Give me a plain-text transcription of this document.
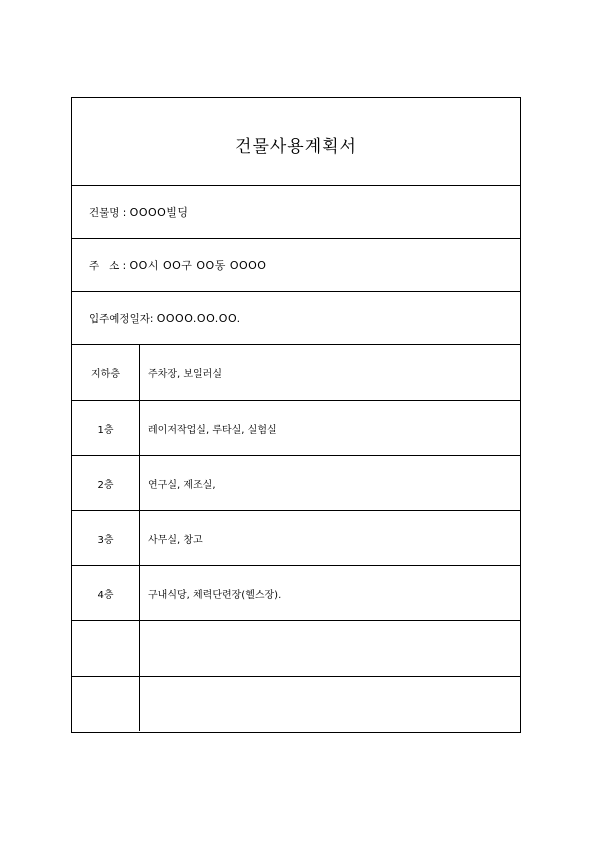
건물사용계획서
건물명 : OOOO빌딩
주   소 : OO시 OO구 OO동 OOOO
입주예정일자: OOOO.OO.OO.
지하층	주차장, 보일러실
1층	레이저작업실, 루타실, 실험실
2층	연구실, 제조실,
3층	사무실, 창고
4층	구내식당, 체력단련장(헬스장).
